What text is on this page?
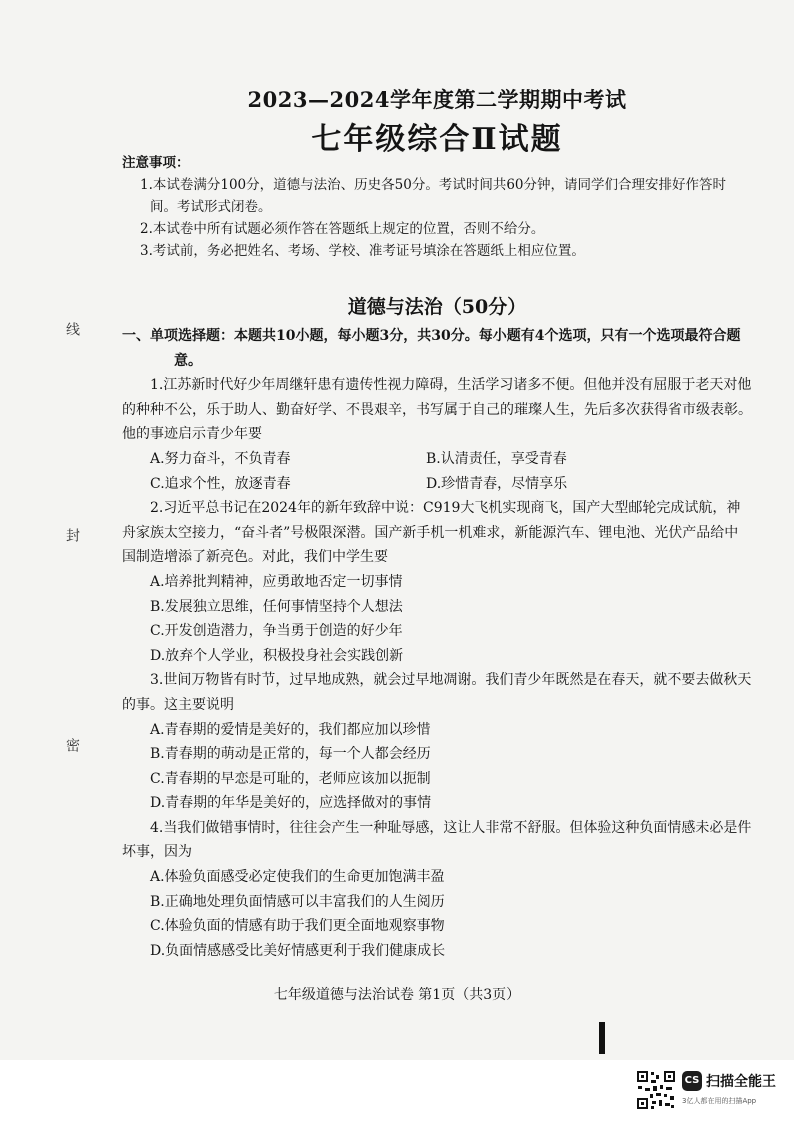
线
封
密
2023—2024学年度第二学期期中考试
七年级综合Ⅱ试题
注意事项：

1.本试卷满分100分，道德与法治、历史各50分。考试时间共60分钟，请同学们合理安排好作答时间。考试形式闭卷。

2.本试卷中所有试题必须作答在答题纸上规定的位置，否则不给分。

3.考试前，务必把姓名、考场、学校、准考证号填涂在答题纸上相应位置。

道德与法治（50分）

一、单项选择题：本题共10小题，每小题3分，共30分。每小题有4个选项，只有一个选项最符合题意。

1.江苏新时代好少年周继轩患有遗传性视力障碍，生活学习诸多不便。但他并没有屈服于老天对他的种种不公，乐于助人、勤奋好学、不畏艰辛，书写属于自己的璀璨人生，先后多次获得省市级表彰。他的事迹启示青少年要

A.努力奋斗，不负青春	B.认清责任，享受青春
C.追求个性，放逐青春	D.珍惜青春，尽情享乐

2.习近平总书记在2024年的新年致辞中说：C919大飞机实现商飞，国产大型邮轮完成试航，神舟家族太空接力，“奋斗者”号极限深潜。国产新手机一机难求，新能源汽车、锂电池、光伏产品给中国制造增添了新亮色。对此，我们中学生要

A.培养批判精神，应勇敢地否定一切事情

B.发展独立思维，任何事情坚持个人想法

C.开发创造潜力，争当勇于创造的好少年

D.放弃个人学业，积极投身社会实践创新

3.世间万物皆有时节，过早地成熟，就会过早地凋谢。我们青少年既然是在春天，就不要去做秋天的事。这主要说明

A.青春期的爱情是美好的，我们都应加以珍惜

B.青春期的萌动是正常的，每一个人都会经历

C.青春期的早恋是可耻的，老师应该加以扼制

D.青春期的年华是美好的，应选择做对的事情

4.当我们做错事情时，往往会产生一种耻辱感，这让人非常不舒服。但体验这种负面情感未必是件坏事，因为

A.体验负面感受必定使我们的生命更加饱满丰盈

B.正确地处理负面情感可以丰富我们的人生阅历

C.体验负面的情感有助于我们更全面地观察事物

D.负面情感感受比美好情感更利于我们健康成长

七年级道德与法治试卷 第1页（共3页）
CS 扫描全能王
3亿人都在用的扫描App
